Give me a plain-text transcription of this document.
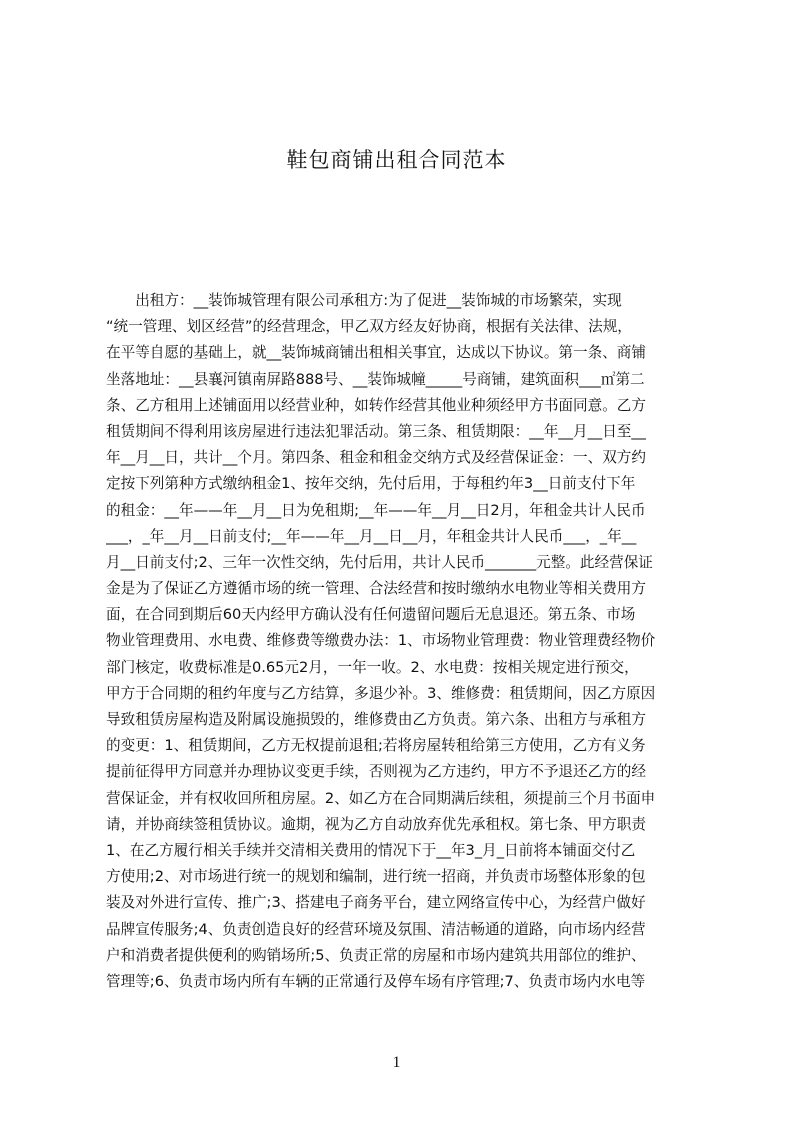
鞋包商铺出租合同范本
　　出租方：__装饰城管理有限公司承租方:为了促进__装饰城的市场繁荣，实现
“统一管理、划区经营”的经营理念，甲乙双方经友好协商，根据有关法律、法规，
在平等自愿的基础上，就__装饰城商铺出租相关事宜，达成以下协议。第一条、商铺
坐落地址：__县襄河镇南屏路888号、__装饰城幢_____号商铺，建筑面积___㎡第二
条、乙方租用上述铺面用以经营业种，如转作经营其他业种须经甲方书面同意。乙方
租赁期间不得利用该房屋进行违法犯罪活动。第三条、租赁期限：__年__月__日至__
年__月__日，共计__个月。第四条、租金和租金交纳方式及经营保证金：一、双方约
定按下列第种方式缴纳租金1、按年交纳，先付后用，于每租约年3__日前支付下年
的租金：__年——年__月__日为免租期;__年——年__月__日2月，年租金共计人民币
___，_年__月__日前支付;__年——年__月__日__月，年租金共计人民币___，_年__
月__日前支付;2、三年一次性交纳，先付后用，共计人民币_______元整。此经营保证
金是为了保证乙方遵循市场的统一管理、合法经营和按时缴纳水电物业等相关费用方
面，在合同到期后60天内经甲方确认没有任何遗留问题后无息退还。第五条、市场
物业管理费用、水电费、维修费等缴费办法：1、市场物业管理费：物业管理费经物价
部门核定，收费标准是0.65元2月，一年一收。2、水电费：按相关规定进行预交，
甲方于合同期的租约年度与乙方结算，多退少补。3、维修费：租赁期间，因乙方原因
导致租赁房屋构造及附属设施损毁的，维修费由乙方负责。第六条、出租方与承租方
的变更：1、租赁期间，乙方无权提前退租;若将房屋转租给第三方使用，乙方有义务
提前征得甲方同意并办理协议变更手续，否则视为乙方违约，甲方不予退还乙方的经
营保证金，并有权收回所租房屋。2、如乙方在合同期满后续租，须提前三个月书面申
请，并协商续签租赁协议。逾期，视为乙方自动放弃优先承租权。第七条、甲方职责
1、在乙方履行相关手续并交清相关费用的情况下于__年3_月_日前将本铺面交付乙
方使用;2、对市场进行统一的规划和编制，进行统一招商，并负责市场整体形象的包
装及对外进行宣传、推广;3、搭建电子商务平台，建立网络宣传中心，为经营户做好
品牌宣传服务;4、负责创造良好的经营环境及氛围、清洁畅通的道路，向市场内经营
户和消费者提供便利的购销场所;5、负责正常的房屋和市场内建筑共用部位的维护、
管理等;6、负责市场内所有车辆的正常通行及停车场有序管理;7、负责市场内水电等
1
